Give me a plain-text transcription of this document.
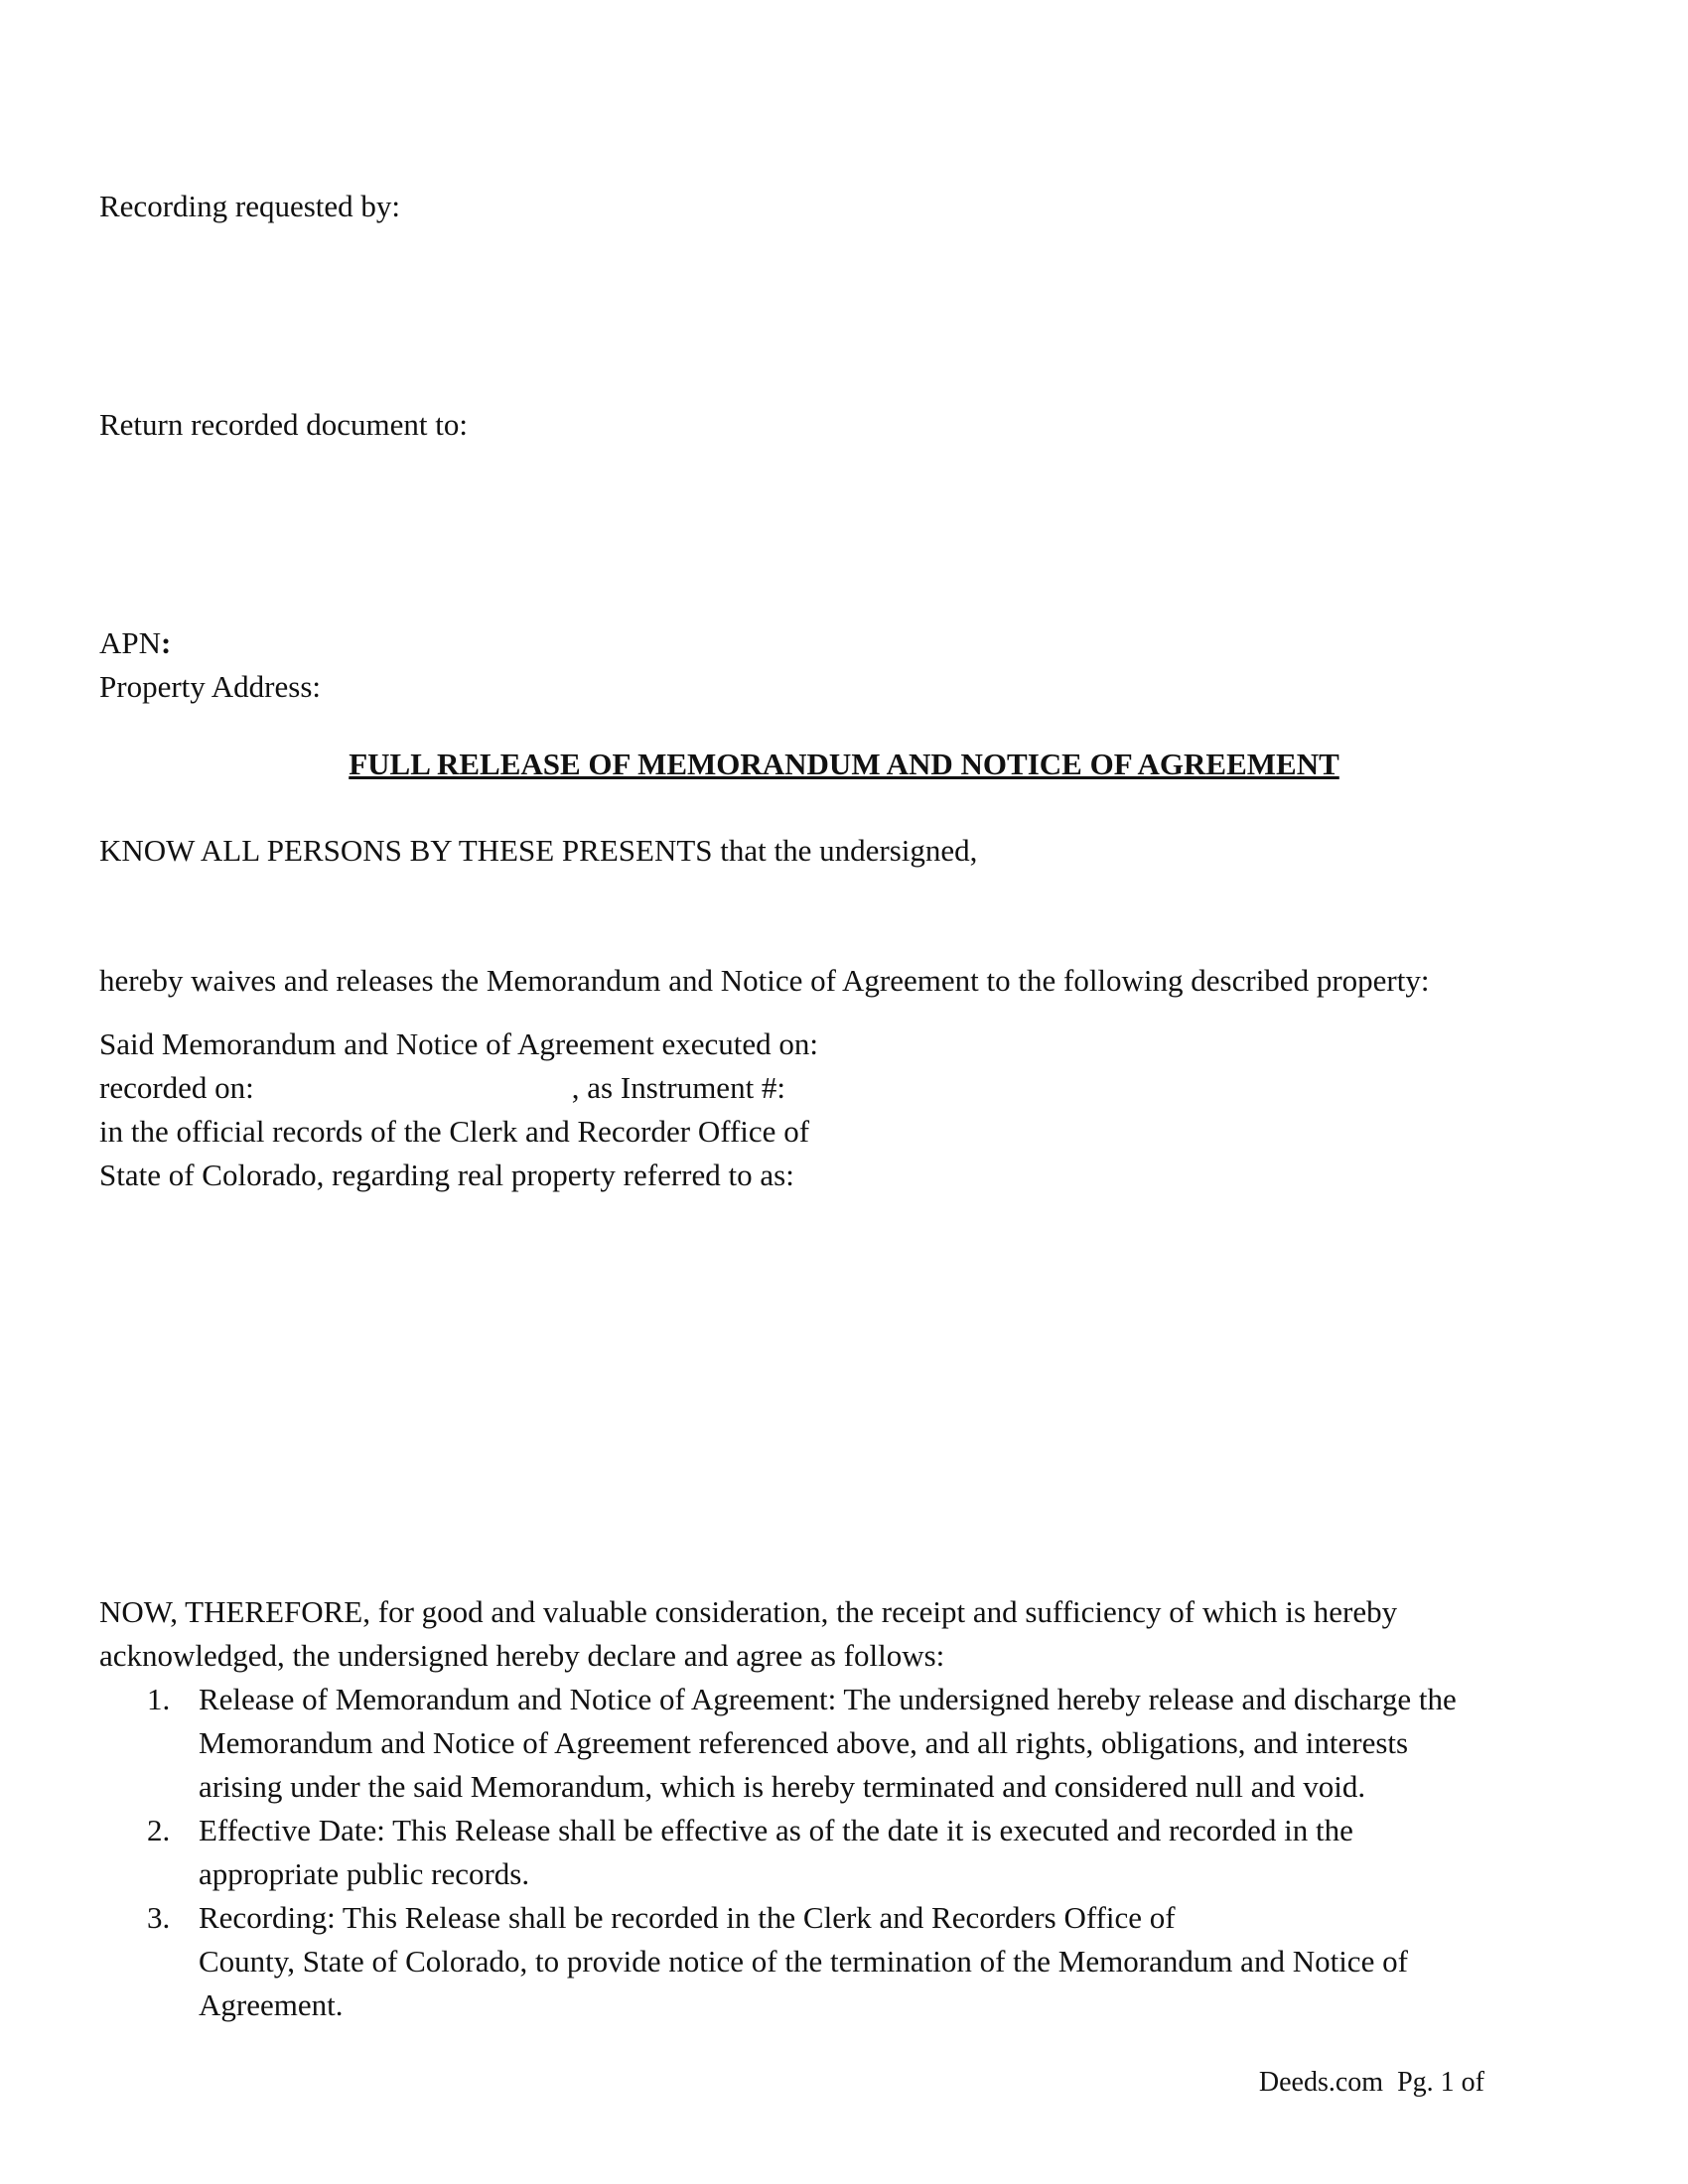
Recording requested by:
Return recorded document to:
APN:
Property Address:
FULL RELEASE OF MEMORANDUM AND NOTICE OF AGREEMENT
KNOW ALL PERSONS BY THESE PRESENTS that the undersigned,
hereby waives and releases the Memorandum and Notice of Agreement to the following described property:
Said Memorandum and Notice of Agreement executed on:
recorded on:	, as Instrument #:
in the official records of the Clerk and Recorder Office of
State of Colorado, regarding real property referred to as:
NOW, THEREFORE, for good and valuable consideration, the receipt and sufficiency of which is hereby
acknowledged, the undersigned hereby declare and agree as follows:
1. Release of Memorandum and Notice of Agreement: The undersigned hereby release and discharge the
Memorandum and Notice of Agreement referenced above, and all rights, obligations, and interests
arising under the said Memorandum, which is hereby terminated and considered null and void.
2. Effective Date: This Release shall be effective as of the date it is executed and recorded in the
appropriate public records.
3. Recording: This Release shall be recorded in the Clerk and Recorders Office of
County, State of Colorado, to provide notice of the termination of the Memorandum and Notice of
Agreement.
Deeds.com Pg. 1 of
